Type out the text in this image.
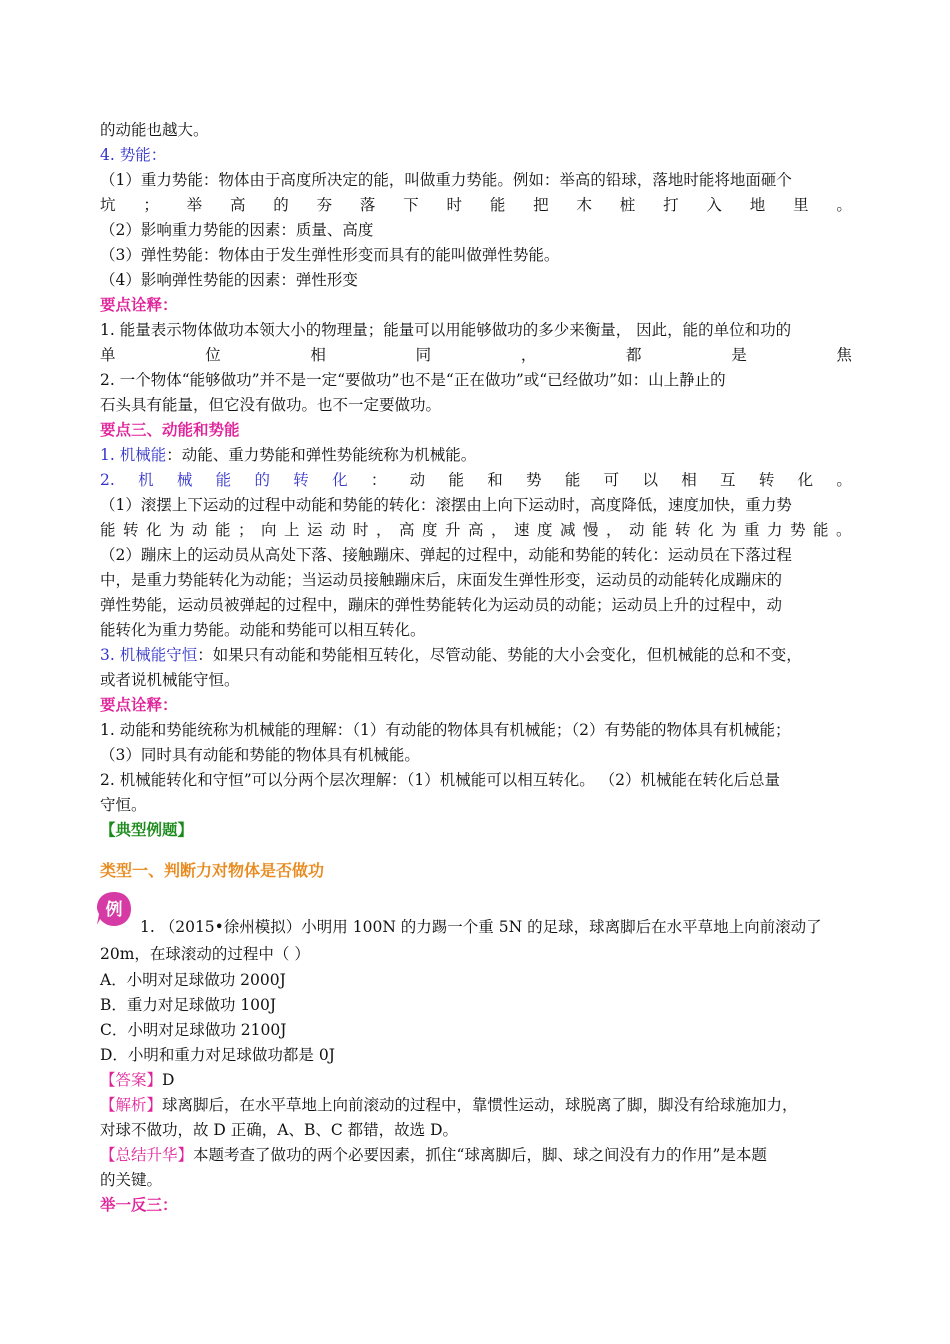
的动能也越大。
4. 势能：
（1）重力势能：物体由于高度所决定的能，叫做重力势能。例如：举高的铅球，落地时能将地面砸个
坑 ； 举 高 的 夯 落 下 时 能 把 木 桩 打 入 地 里 。
（2）影响重力势能的因素：质量、高度
（3）弹性势能：物体由于发生弹性形变而具有的能叫做弹性势能。
（4）影响弹性势能的因素：弹性形变
要点诠释：
1. 能量表示物体做功本领大小的物理量；能量可以用能够做功的多少来衡量， 因此，能的单位和功的
单	位	相	同	，	都	是	焦
2. 一个物体“能够做功”并不是一定“要做功”也不是“正在做功”或“已经做功”如：山上静止的
石头具有能量，但它没有做功。也不一定要做功。
要点三、动能和势能
1. 机械能：动能、重力势能和弹性势能统称为机械能。
2. 机 械 能 的 转 化 ： 动 能 和 势 能 可 以 相 互 转 化 。
（1）滚摆上下运动的过程中动能和势能的转化：滚摆由上向下运动时，高度降低，速度加快，重力势
能 转 化 为 动 能 ； 向 上 运 动 时 ， 高 度 升 高 ， 速 度 减 慢 ， 动 能 转 化 为 重 力 势 能 。
（2）蹦床上的运动员从高处下落、接触蹦床、弹起的过程中，动能和势能的转化：运动员在下落过程
中，是重力势能转化为动能；当运动员接触蹦床后，床面发生弹性形变，运动员的动能转化成蹦床的
弹性势能，运动员被弹起的过程中，蹦床的弹性势能转化为运动员的动能；运动员上升的过程中，动
能转化为重力势能。动能和势能可以相互转化。
3. 机械能守恒：如果只有动能和势能相互转化，尽管动能、势能的大小会变化，但机械能的总和不变，
或者说机械能守恒。
要点诠释：
1. 动能和势能统称为机械能的理解：（1）有动能的物体具有机械能；（2）有势能的物体具有机械能；
（3）同时具有动能和势能的物体具有机械能。
2. 机械能转化和守恒”可以分两个层次理解：（1）机械能可以相互转化。 （2）机械能在转化后总量
守恒。
【典型例题】
类型一、判断力对物体是否做功
1. （2015•徐州模拟）小明用 100N 的力踢一个重 5N 的足球，球离脚后在水平草地上向前滚动了
20m，在球滚动的过程中（ ）
A．小明对足球做功 2000J
B．重力对足球做功 100J
C．小明对足球做功 2100J
D．小明和重力对足球做功都是 0J
【答案】D
【解析】球离脚后，在水平草地上向前滚动的过程中，靠惯性运动，球脱离了脚，脚没有给球施加力，
对球不做功，故 D 正确，A、B、C 都错，故选 D。
【总结升华】本题考查了做功的两个必要因素，抓住“球离脚后，脚、球之间没有力的作用”是本题
的关键。
举一反三：
例
